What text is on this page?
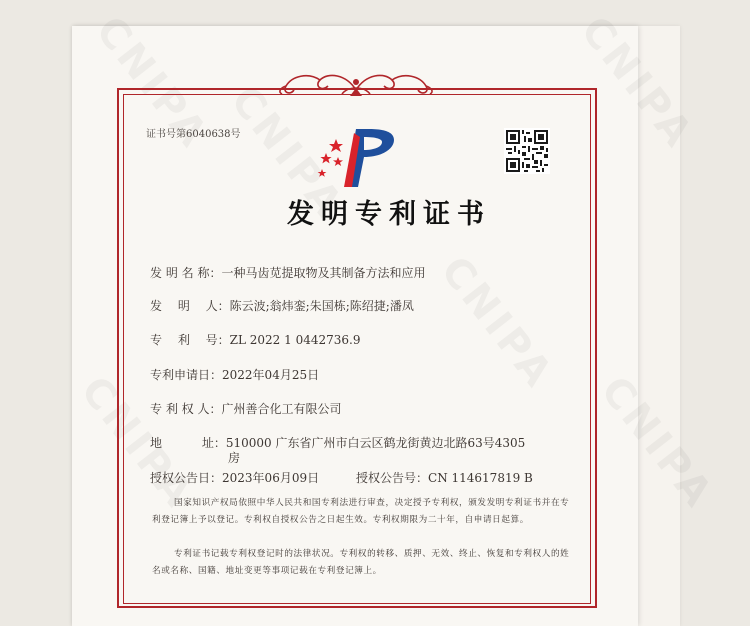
证书号第6040638号
发明专利证书
发 明 名 称：一种马齿苋提取物及其制备方法和应用
发　 明 　人：陈云波;翁炜銮;朱国栋;陈绍捷;潘凤
专　 利 　号：ZL 2022 1 0442736.9
专利申请日：2022年04月25日
专 利 权 人：广州善合化工有限公司
地　　　 址：510000 广东省广州市白云区鹤龙街黄边北路63号4305
房
授权公告日：2023年06月09日	授权公告号：CN 114617819 B
国家知识产权局依照中华人民共和国专利法进行审查，决定授予专利权，颁发发明专利证书并在专利登记簿上予以登记。专利权自授权公告之日起生效。专利权期限为二十年，自申请日起算。
专利证书记载专利权登记时的法律状况。专利权的转移、质押、无效、终止、恢复和专利权人的姓名或名称、国籍、地址变更等事项记载在专利登记簿上。
